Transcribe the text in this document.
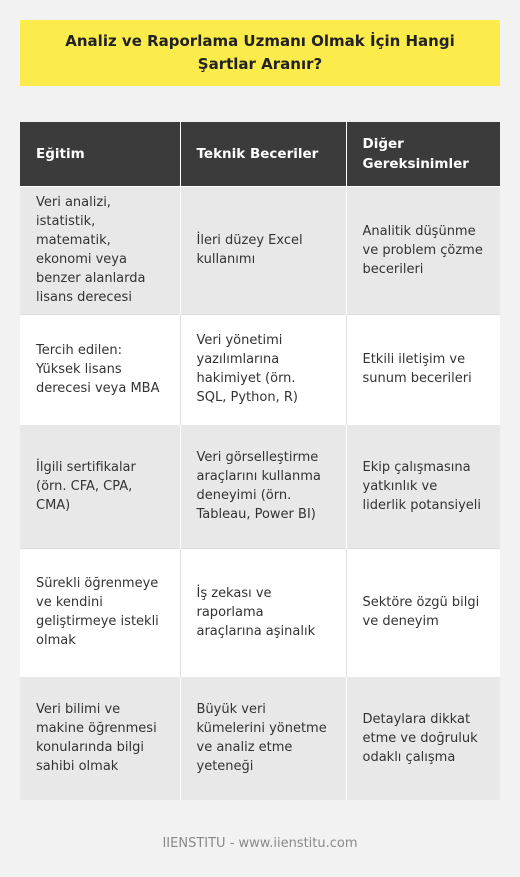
Analiz ve Raporlama Uzmanı Olmak İçin Hangi Şartlar Aranır?
Eğitim	Teknik Beceriler	Diğer Gereksinimler
Veri analizi, istatistik, matematik, ekonomi veya benzer alanlarda lisans derecesi	İleri düzey Excel kullanımı	Analitik düşünme ve problem çözme becerileri
Tercih edilen: Yüksek lisans derecesi veya MBA	Veri yönetimi yazılımlarına hakimiyet (örn. SQL, Python, R)	Etkili iletişim ve sunum becerileri
İlgili sertifikalar (örn. CFA, CPA, CMA)	Veri görselleştirme araçlarını kullanma deneyimi (örn. Tableau, Power BI)	Ekip çalışmasına yatkınlık ve liderlik potansiyeli
Sürekli öğrenmeye ve kendini geliştirmeye istekli olmak	İş zekası ve raporlama araçlarına aşinalık	Sektöre özgü bilgi ve deneyim
Veri bilimi ve makine öğrenmesi konularında bilgi sahibi olmak	Büyük veri kümelerini yönetme ve analiz etme yeteneği	Detaylara dikkat etme ve doğruluk odaklı çalışma
IIENSTITU - www.iienstitu.com
